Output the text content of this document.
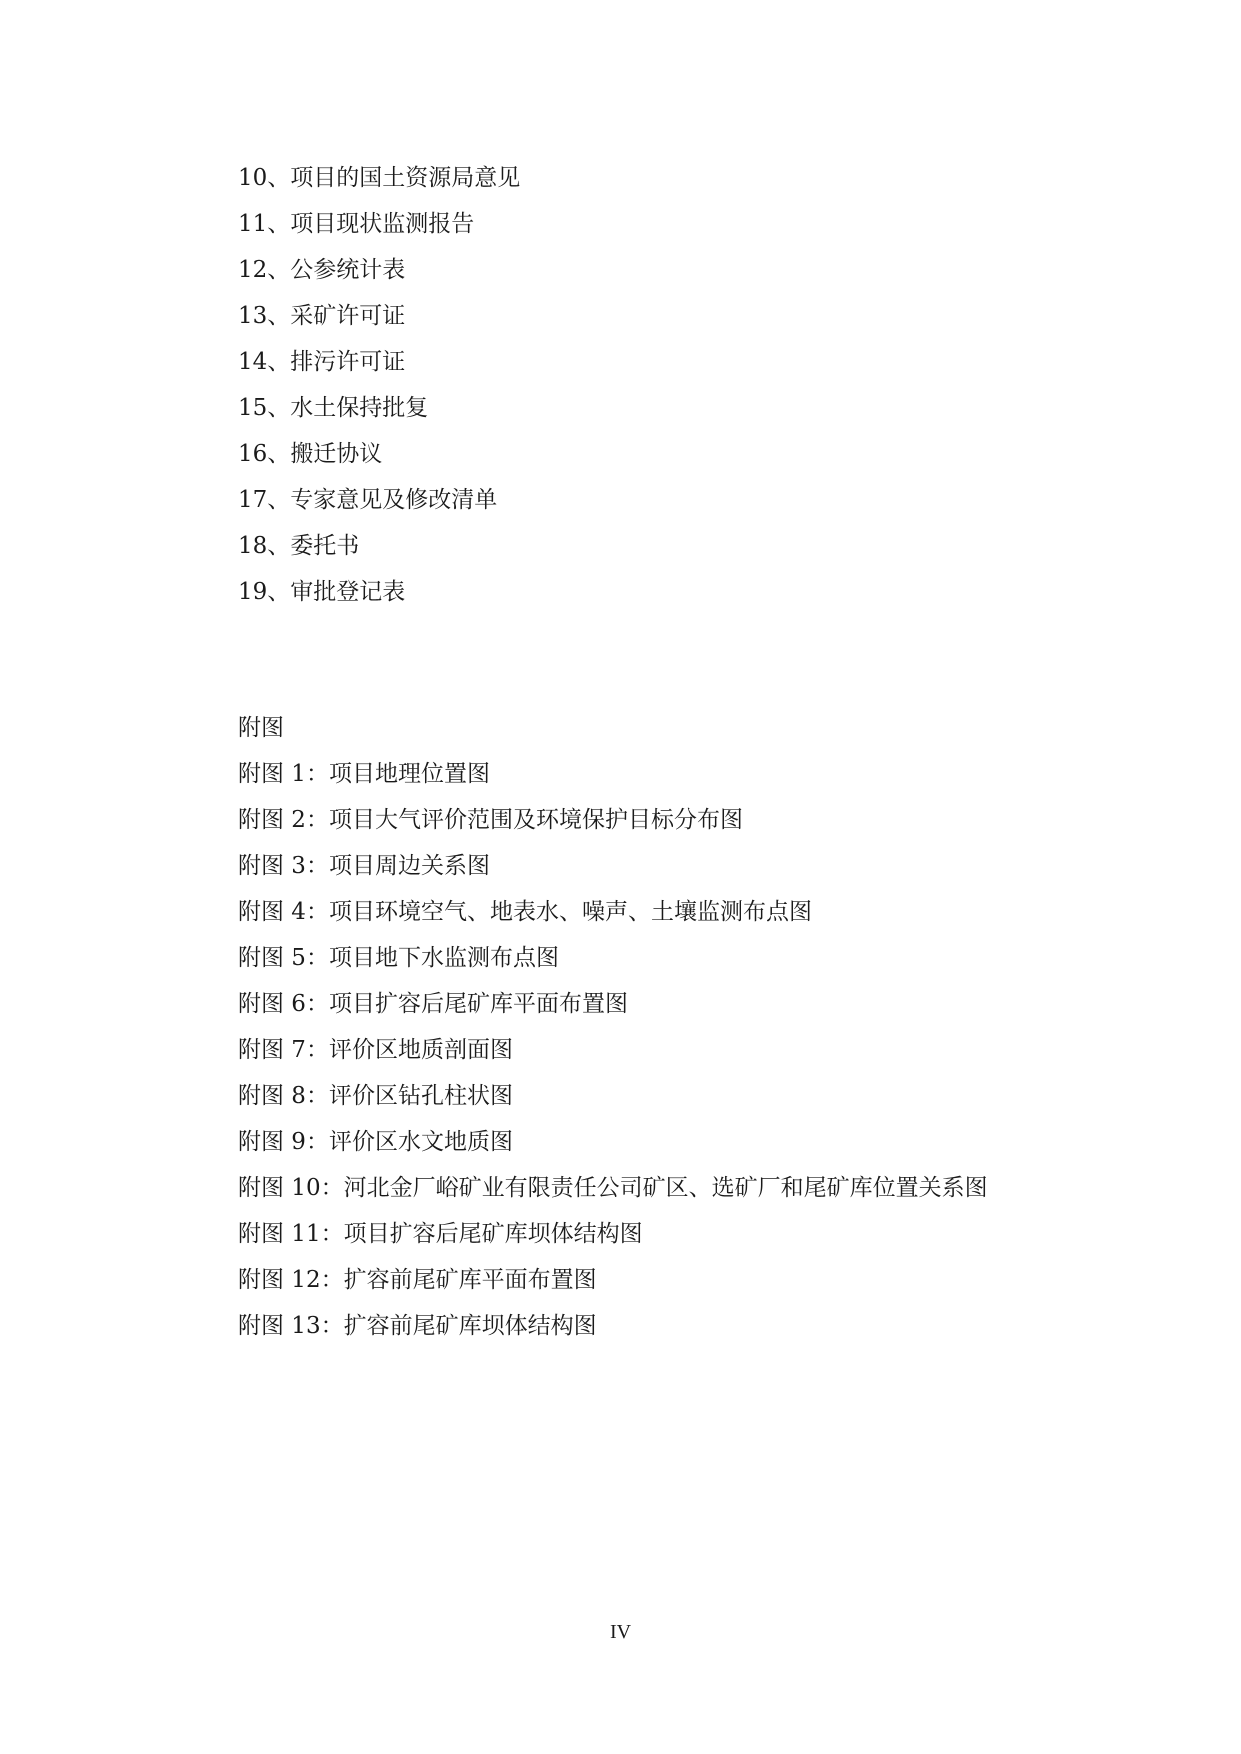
10、项目的国土资源局意见
11、项目现状监测报告
12、公参统计表
13、采矿许可证
14、排污许可证
15、水土保持批复
16、搬迁协议
17、专家意见及修改清单
18、委托书
19、审批登记表
附图
附图 1：项目地理位置图
附图 2：项目大气评价范围及环境保护目标分布图
附图 3：项目周边关系图
附图 4：项目环境空气、地表水、噪声、土壤监测布点图
附图 5：项目地下水监测布点图
附图 6：项目扩容后尾矿库平面布置图
附图 7：评价区地质剖面图
附图 8：评价区钻孔柱状图
附图 9：评价区水文地质图
附图 10：河北金厂峪矿业有限责任公司矿区、选矿厂和尾矿库位置关系图
附图 11：项目扩容后尾矿库坝体结构图
附图 12：扩容前尾矿库平面布置图
附图 13：扩容前尾矿库坝体结构图
IV
